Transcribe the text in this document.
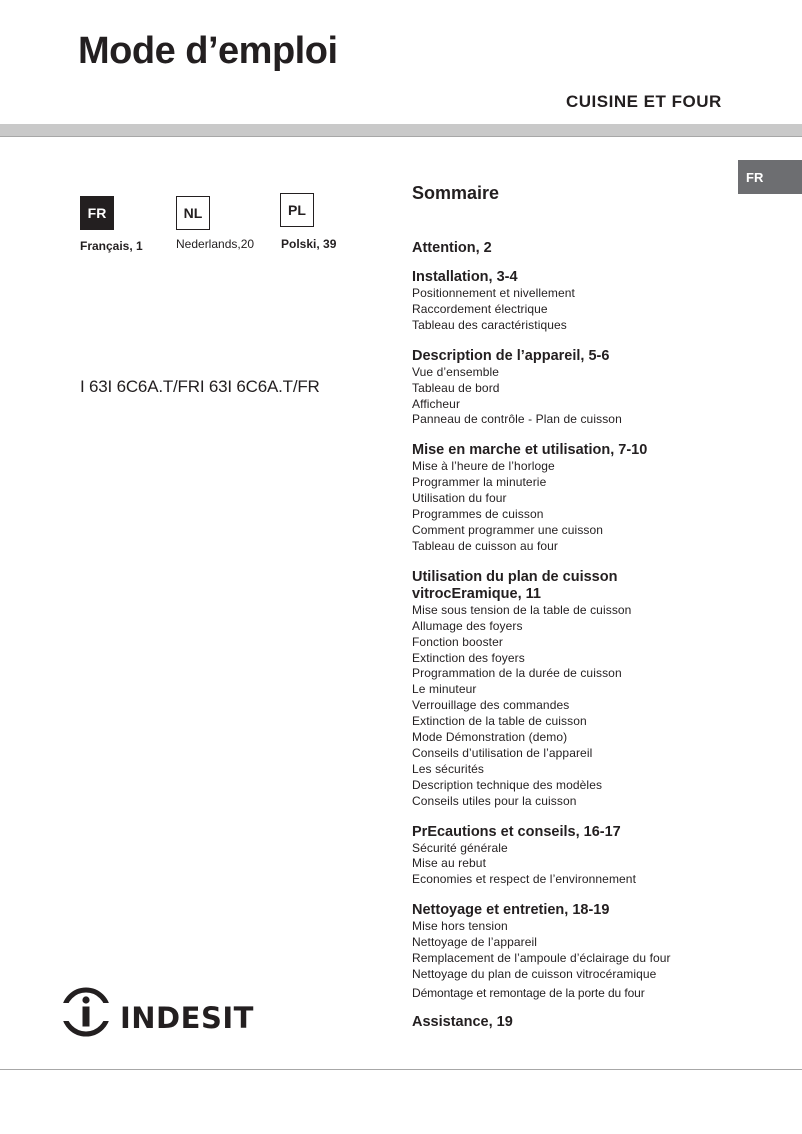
Mode d’emploi
CUISINE ET FOUR
FR
FR
Français, 1
NL
Nederlands,20
PL
Polski, 39
I 63I 6C6A.T/FRI 63I 6C6A.T/FR
Sommaire
Attention, 2
Installation, 3-4
Positionnement et nivellement
Raccordement électrique
Tableau des caractéristiques
Description de l’appareil, 5-6
Vue d’ensemble
Tableau de bord
Afficheur
Panneau de contrôle - Plan de cuisson
Mise en marche et utilisation, 7-10
Mise à l’heure de l’horloge
Programmer la minuterie
Utilisation du four
Programmes de cuisson
Comment programmer une cuisson
Tableau de cuisson au four
Utilisation du plan de cuisson
vitrocEramique, 11
Mise sous tension de la table de cuisson
Allumage des foyers
Fonction booster
Extinction des foyers
Programmation de la durée de cuisson
Le minuteur
Verrouillage des commandes
Extinction de la table de cuisson
Mode Démonstration (demo)
Conseils d’utilisation de l’appareil
Les sécurités
Description technique des modèles
Conseils utiles pour la cuisson
PrEcautions et conseils, 16-17
Sécurité générale
Mise au rebut
Economies et respect de l’environnement
Nettoyage et entretien, 18-19
Mise hors tension
Nettoyage de l’appareil
Remplacement de l’ampoule d’éclairage du four
Nettoyage du plan de cuisson vitrocéramique
Démontage et remontage de la porte du four
Assistance, 19
INDESIT
